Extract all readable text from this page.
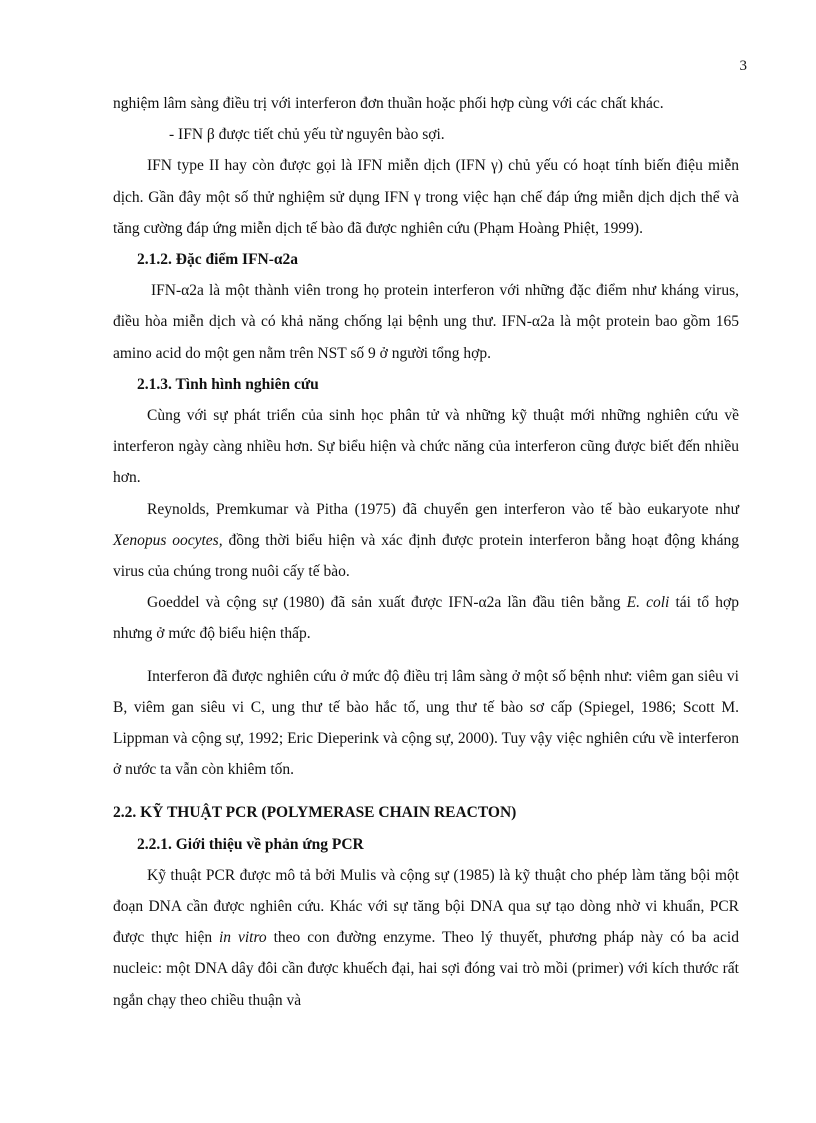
3

nghiệm lâm sàng điều trị với interferon đơn thuần hoặc phối hợp cùng với các chất khác.

- IFN β được tiết chủ yếu từ nguyên bào sợi.

IFN type II hay còn được gọi là IFN miễn dịch (IFN γ) chủ yếu có hoạt tính biến điệu miễn dịch. Gần đây một số thử nghiệm sử dụng IFN γ trong việc hạn chế đáp ứng miễn dịch dịch thể và tăng cường đáp ứng miễn dịch tế bào đã được nghiên cứu (Phạm Hoàng Phiệt, 1999).

2.1.2. Đặc điểm IFN-α2a

IFN-α2a là một thành viên trong họ protein interferon với những đặc điểm như kháng virus, điều hòa miễn dịch và có khả năng chống lại bệnh ung thư. IFN-α2a là một protein bao gồm 165 amino acid do một gen nằm trên NST số 9 ở người tổng hợp.

2.1.3. Tình hình nghiên cứu

Cùng với sự phát triển của sinh học phân tử và những kỹ thuật mới những nghiên cứu về interferon ngày càng nhiều hơn. Sự biểu hiện và chức năng của interferon cũng được biết đến nhiều hơn.

Reynolds, Premkumar và Pitha (1975) đã chuyển gen interferon vào tế bào eukaryote như Xenopus oocytes, đồng thời biểu hiện và xác định được protein interferon bằng hoạt động kháng virus của chúng trong nuôi cấy tế bào.

Goeddel và cộng sự (1980) đã sản xuất được IFN-α2a lần đầu tiên bằng E. coli tái tổ hợp nhưng ở mức độ biểu hiện thấp.

Interferon đã được nghiên cứu ở mức độ điều trị lâm sàng ở một số bệnh như: viêm gan siêu vi B, viêm gan siêu vi C, ung thư tế bào hắc tố, ung thư tế bào sơ cấp (Spiegel, 1986; Scott M. Lippman và cộng sự, 1992; Eric Dieperink và cộng sự, 2000). Tuy vậy việc nghiên cứu về interferon ở nước ta vẫn còn khiêm tốn.

2.2. KỸ THUẬT PCR (POLYMERASE CHAIN REACTON)

2.2.1. Giới thiệu về phản ứng PCR

Kỹ thuật PCR được mô tả bởi Mulis và cộng sự (1985) là kỹ thuật cho phép làm tăng bội một đoạn DNA cần được nghiên cứu. Khác với sự tăng bội DNA qua sự tạo dòng nhờ vi khuẩn, PCR được thực hiện in vitro theo con đường enzyme. Theo lý thuyết, phương pháp này có ba acid nucleic: một DNA dây đôi cần được khuếch đại, hai sợi đóng vai trò mồi (primer) với kích thước rất ngắn chạy theo chiều thuận và
